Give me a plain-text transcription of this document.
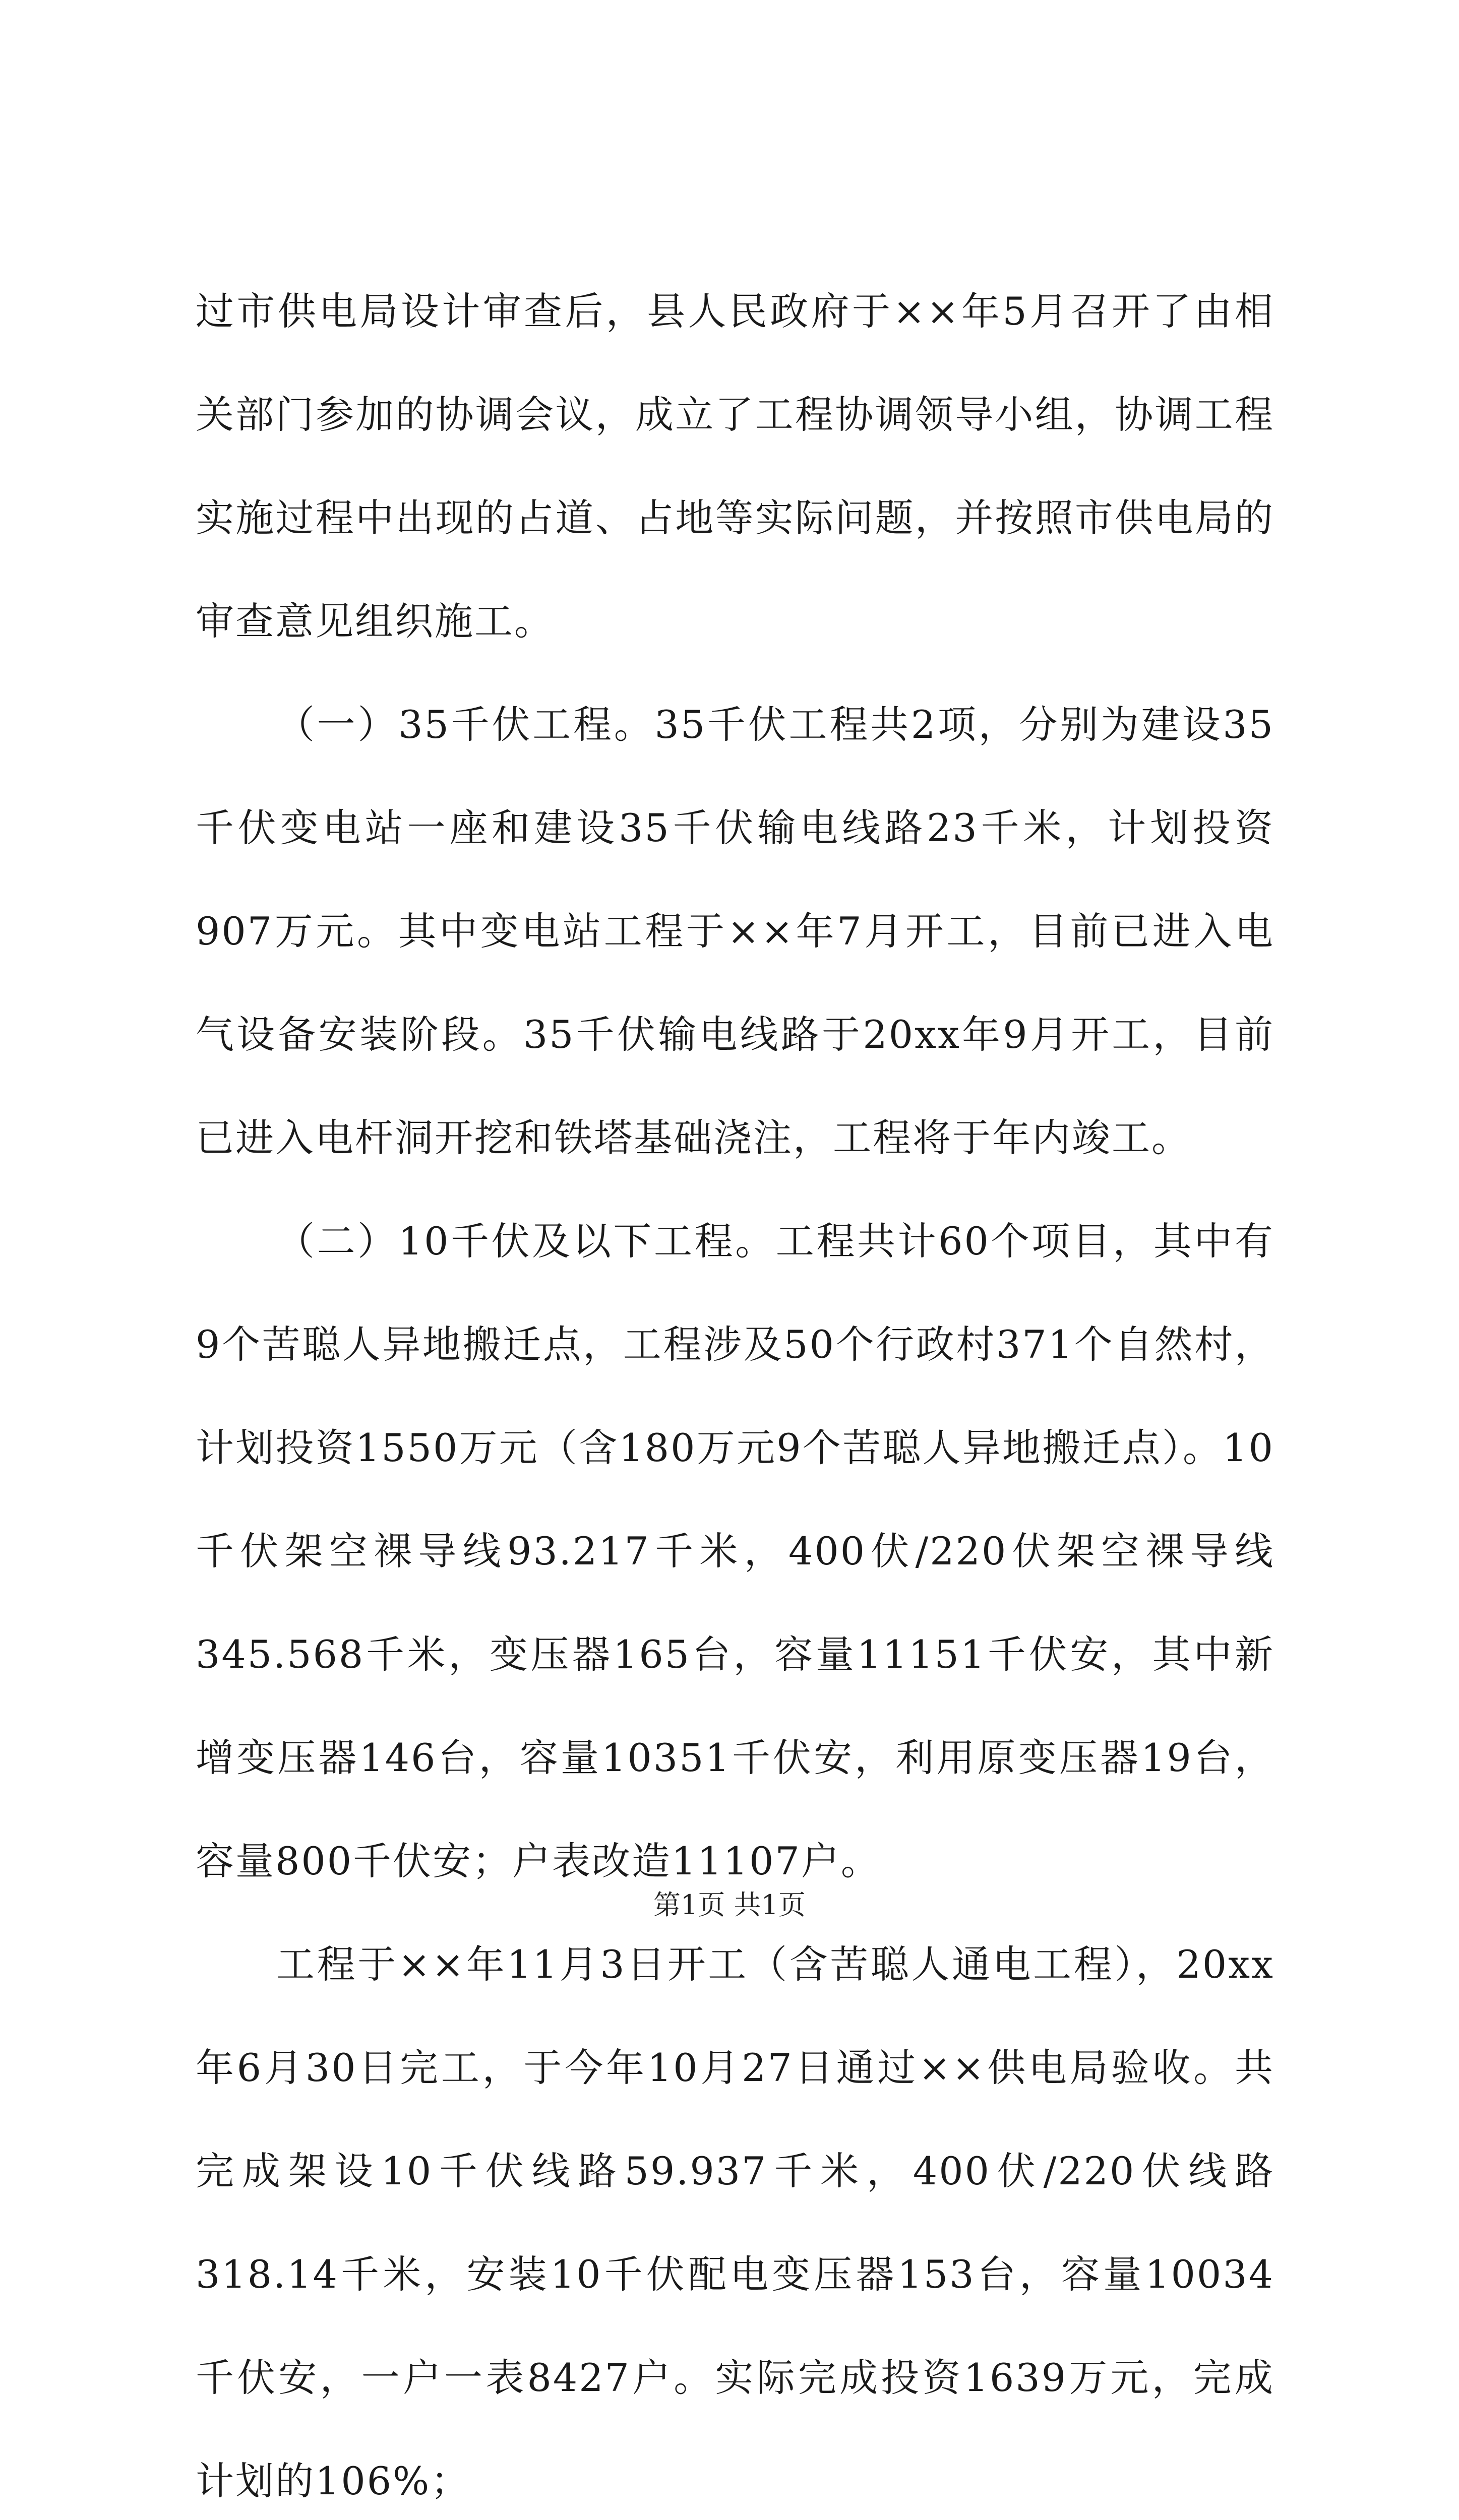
过市供电局设计审查后，县人民政府于××年5月召开了由相关部门参加的协调会议，成立了工程协调领导小组，协调工程实施过程中出现的占道、占地等实际问题，并按照市供电局的审查意见组织施工。

（一）35千伏工程。35千伏工程共2项，分别为建设35千伏变电站一座和建设35千伏输电线路23千米，计划投资907万元。其中变电站工程于××年7月开工，目前已进入电气设备安装阶段。35千伏输电线路于20xx年9月开工，目前已进入电杆洞开挖和铁塔基础浇注，工程将于年内竣工。

（二）10千伏及以下工程。工程共计60个项目，其中有9个苦聪人异地搬迁点，工程涉及50个行政村371个自然村，计划投资1550万元（含180万元9个苦聪人异地搬迁点）。10千伏架空裸导线93.217千米，400伏/220伏架空裸导线345.568千米，变压器165台，容量11151千伏安，其中新增变压器146台，容量10351千伏安，利用原变压器19台，容量800千伏安；户表改造11107户。

工程于××年11月3日开工（含苦聪人通电工程），20xx年6月30日完工，于今年10月27日通过××供电局验收。共完成架设10千伏线路59.937千米，400伏/220伏线路318.14千米，安装10千伏配电变压器153台，容量10034千伏安，一户一表8427户。实际完成投资1639万元，完成计划的106%；

第1页 共1页
